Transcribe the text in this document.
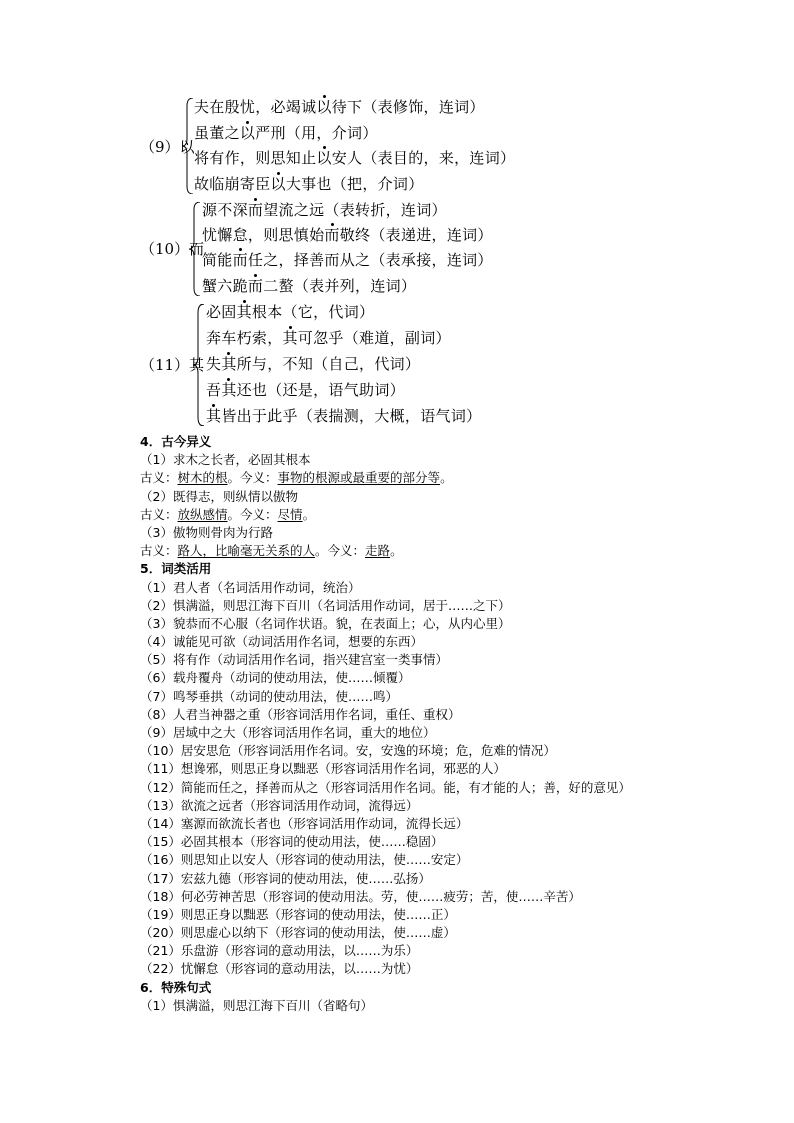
（9）以
夫在殷忧，必竭诚以待下（表修饰，连词）
虽董之以严刑（用，介词）
将有作，则思知止以安人（表目的，来，连词）
故临崩寄臣以大事也（把，介词）
（10）而
源不深而望流之远（表转折，连词）
忧懈怠，则思慎始而敬终（表递进，连词）
简能而任之，择善而从之（表承接，连词）
蟹六跪而二螯（表并列，连词）
（11）其
必固其根本（它，代词）
奔车朽索，其可忽乎（难道，副词）
失其所与，不知（自己，代词）
吾其还也（还是，语气助词）
其皆出于此乎（表揣测，大概，语气词）
4．古今异义
（1）求木之长者，必固其根本
古义：树木的根。今义：事物的根源或最重要的部分等。
（2）既得志，则纵情以傲物
古义：放纵感情。今义：尽情。
（3）傲物则骨肉为行路
古义：路人，比喻毫无关系的人。今义：走路。
5．词类活用
（1）君人者（名词活用作动词，统治）
（2）惧满溢，则思江海下百川（名词活用作动词，居于……之下）
（3）貌恭而不心服（名词作状语。貌，在表面上；心，从内心里）
（4）诚能见可欲（动词活用作名词，想要的东西）
（5）将有作（动词活用作名词，指兴建宫室一类事情）
（6）载舟覆舟（动词的使动用法，使……倾覆）
（7）鸣琴垂拱（动词的使动用法，使……鸣）
（8）人君当神器之重（形容词活用作名词，重任、重权）
（9）居域中之大（形容词活用作名词，重大的地位）
（10）居安思危（形容词活用作名词。安，安逸的环境；危，危难的情况）
（11）想谗邪，则思正身以黜恶（形容词活用作名词，邪恶的人）
（12）简能而任之，择善而从之（形容词活用作名词。能，有才能的人；善，好的意见）
（13）欲流之远者（形容词活用作动词，流得远）
（14）塞源而欲流长者也（形容词活用作动词，流得长远）
（15）必固其根本（形容词的使动用法，使……稳固）
（16）则思知止以安人（形容词的使动用法，使……安定）
（17）宏兹九德（形容词的使动用法，使……弘扬）
（18）何必劳神苦思（形容词的使动用法。劳，使……疲劳；苦，使……辛苦）
（19）则思正身以黜恶（形容词的使动用法，使……正）
（20）则思虚心以纳下（形容词的使动用法，使……虚）
（21）乐盘游（形容词的意动用法，以……为乐）
（22）忧懈怠（形容词的意动用法，以……为忧）
6．特殊句式
（1）惧满溢，则思江海下百川（省略句）
